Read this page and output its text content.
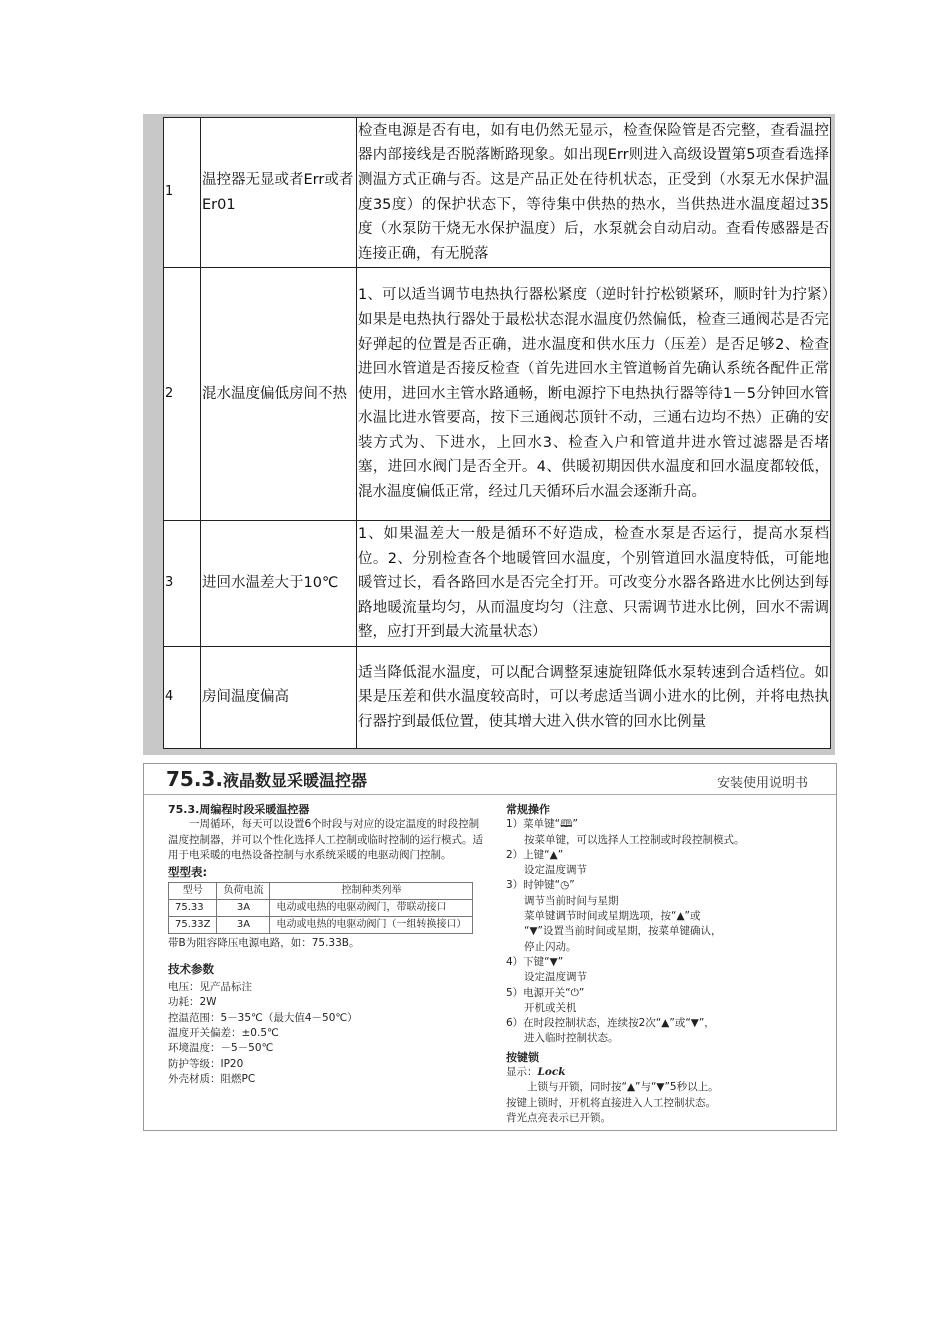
1	温控器无显或者Err或者Er01	检查电源是否有电，如有电仍然无显示，检查保险管是否完整，查看温控器内部接线是否脱落断路现象。如出现Err则进入高级设置第5项查看选择测温方式正确与否。这是产品正处在待机状态，正受到（水泵无水保护温度35度）的保护状态下，等待集中供热的热水，当供热进水温度超过35度（水泵防干烧无水保护温度）后，水泵就会自动启动。查看传感器是否连接正确，有无脱落
2	混水温度偏低房间不热	1、可以适当调节电热执行器松紧度（逆时针拧松锁紧环，顺时针为拧紧）如果是电热执行器处于最松状态混水温度仍然偏低，检查三通阀芯是否完好弹起的位置是否正确，进水温度和供水压力（压差）是否足够2、检查进回水管道是否接反检查（首先进回水主管道畅首先确认系统各配件正常使用，进回水主管水路通畅，断电源拧下电热执行器等待1－5分钟回水管水温比进水管要高，按下三通阀芯顶针不动，三通右边均不热）正确的安装方式为、下进水，上回水3、检查入户和管道井进水管过滤器是否堵塞，进回水阀门是否全开。4、供暖初期因供水温度和回水温度都较低，混水温度偏低正常，经过几天循环后水温会逐渐升高。
3	进回水温差大于10℃	1、如果温差大一般是循环不好造成，检查水泵是否运行，提高水泵档位。2、分别检查各个地暖管回水温度，个别管道回水温度特低，可能地暖管过长，看各路回水是否完全打开。可改变分水器各路进水比例达到每路地暖流量均匀，从而温度均匀（注意、只需调节进水比例，回水不需调整，应打开到最大流量状态）
4	房间温度偏高	适当降低混水温度，可以配合调整泵速旋钮降低水泵转速到合适档位。如果是压差和供水温度较高时，可以考虑适当调小进水的比例，并将电热执行器拧到最低位置，使其增大进入供水管的回水比例量
75.3.液晶数显采暖温控器	安装使用说明书
75.3.周编程时段采暖温控器
一周循环，每天可以设置6个时段与对应的设定温度的时段控制温度控制器，并可以个性化选择人工控制或临时控制的运行模式。适用于电采暖的电热设备控制与水系统采暖的电驱动阀门控制。
型型表:
型号	负荷电流	控制种类列举
75.33	3A	电动或电热的电驱动阀门，带联动接口
75.33Z	3A	电动或电热的电驱动阀门（一组转换接口）
带B为阻容降压电源电路，如：75.33B。
技术参数
电压：见产品标注
功耗：2W
控温范围：5－35℃（最大值4－50℃）
温度开关偏差：±0.5℃
环境温度：－5－50℃
防护等级：IP20
外壳材质：阻燃PC
常规操作
1）菜单键“🕮”
按菜单键，可以选择人工控制或时段控制模式。
2）上键“▲”
设定温度调节
3）时钟键“◷”
调节当前时间与星期
菜单键调节时间或星期选项，按“▲”或
“▼”设置当前时间或星期，按菜单键确认，
停止闪动。
4）下键“▼”
设定温度调节
5）电源开关“⏻”
开机或关机
6）在时段控制状态，连续按2次“▲”或“▼”，
进入临时控制状态。
按键锁
显示：Lock
上锁与开锁，同时按“▲”与“▼”5秒以上。
按键上锁时，开机将直接进入人工控制状态。
背光点亮表示已开锁。
